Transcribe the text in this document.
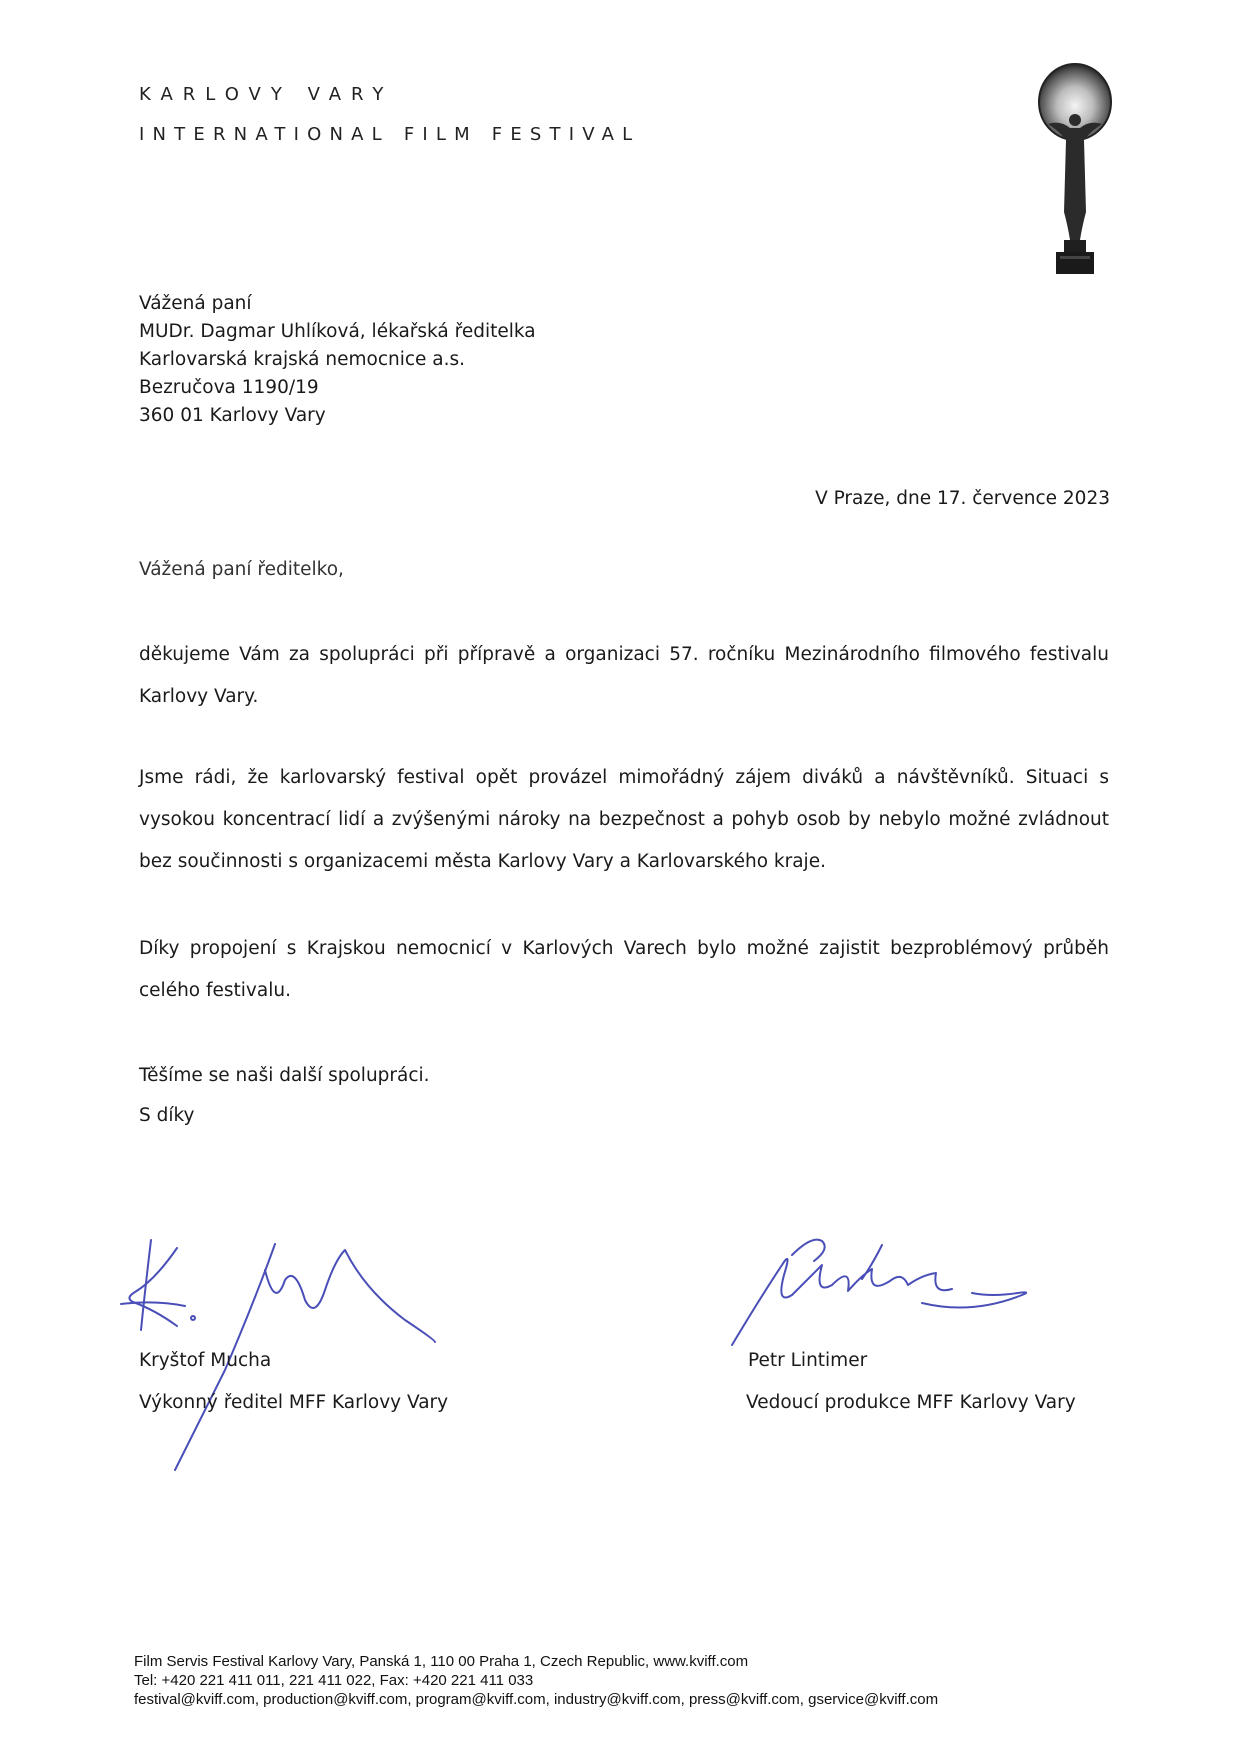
KARLOVY VARY
INTERNATIONAL FILM FESTIVAL
Vážená paní
MUDr. Dagmar Uhlíková, lékařská ředitelka
Karlovarská krajská nemocnice a.s.
Bezručova 1190/19
360 01 Karlovy Vary
V Praze, dne 17. července 2023
Vážená paní ředitelko,
děkujeme Vám za spolupráci při přípravě a organizaci 57. ročníku Mezinárodního filmového festivalu Karlovy Vary.
Jsme rádi, že karlovarský festival opět provázel mimořádný zájem diváků a návštěvníků. Situaci s vysokou koncentrací lidí a zvýšenými nároky na bezpečnost a pohyb osob by nebylo možné zvládnout bez součinnosti s organizacemi města Karlovy Vary a Karlovarského kraje.
Díky propojení s Krajskou nemocnicí v Karlových Varech bylo možné zajistit bezproblémový průběh celého festivalu.
Těšíme se naši další spolupráci.
S díky
Kryštof Mucha
Výkonný ředitel MFF Karlovy Vary
Petr Lintimer
Vedoucí produkce MFF Karlovy Vary
Film Servis Festival Karlovy Vary, Panská 1, 110 00 Praha 1, Czech Republic, www.kviff.com
Tel: +420 221 411 011, 221 411 022, Fax: +420 221 411 033
festival@kviff.com, production@kviff.com, program@kviff.com, industry@kviff.com, press@kviff.com, gservice@kviff.com
